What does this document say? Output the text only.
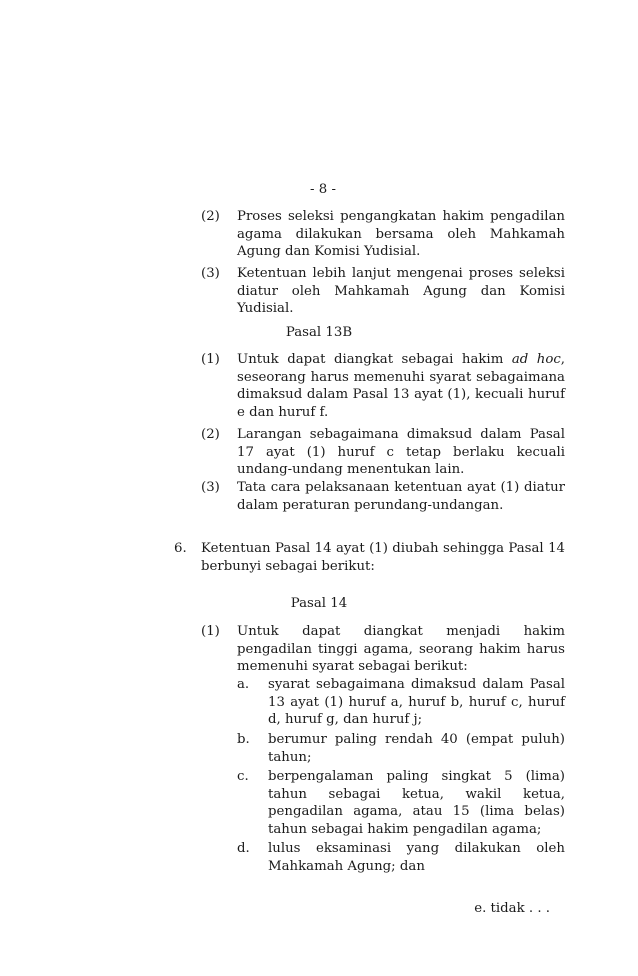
- 8 -
(2) Proses seleksi pengangkatan hakim pengadilan agama dilakukan bersama oleh Mahkamah Agung dan Komisi Yudisial.
(3) Ketentuan lebih lanjut mengenai proses seleksi diatur oleh Mahkamah Agung dan Komisi Yudisial.
Pasal 13B
(1) Untuk dapat diangkat sebagai hakim ad hoc, seseorang harus memenuhi syarat sebagaimana dimaksud dalam Pasal 13 ayat (1), kecuali huruf e dan huruf f.
(2) Larangan sebagaimana dimaksud dalam Pasal 17 ayat (1) huruf c tetap berlaku kecuali undang-undang menentukan lain.
(3) Tata cara pelaksanaan ketentuan ayat (1) diatur dalam peraturan perundang-undangan.
6. Ketentuan Pasal 14 ayat (1) diubah sehingga Pasal 14 berbunyi sebagai berikut:
Pasal 14
(1) Untuk dapat diangkat menjadi hakim pengadilan tinggi agama, seorang hakim harus memenuhi syarat sebagai berikut:
a. syarat sebagaimana dimaksud dalam Pasal 13 ayat (1) huruf a, huruf b, huruf c, huruf d, huruf g, dan huruf j;
b. berumur paling rendah 40 (empat puluh) tahun;
c. berpengalaman paling singkat 5 (lima) tahun sebagai ketua, wakil ketua, pengadilan agama, atau 15 (lima belas) tahun sebagai hakim pengadilan agama;
d. lulus eksaminasi yang dilakukan oleh Mahkamah Agung; dan
e. tidak . . .
